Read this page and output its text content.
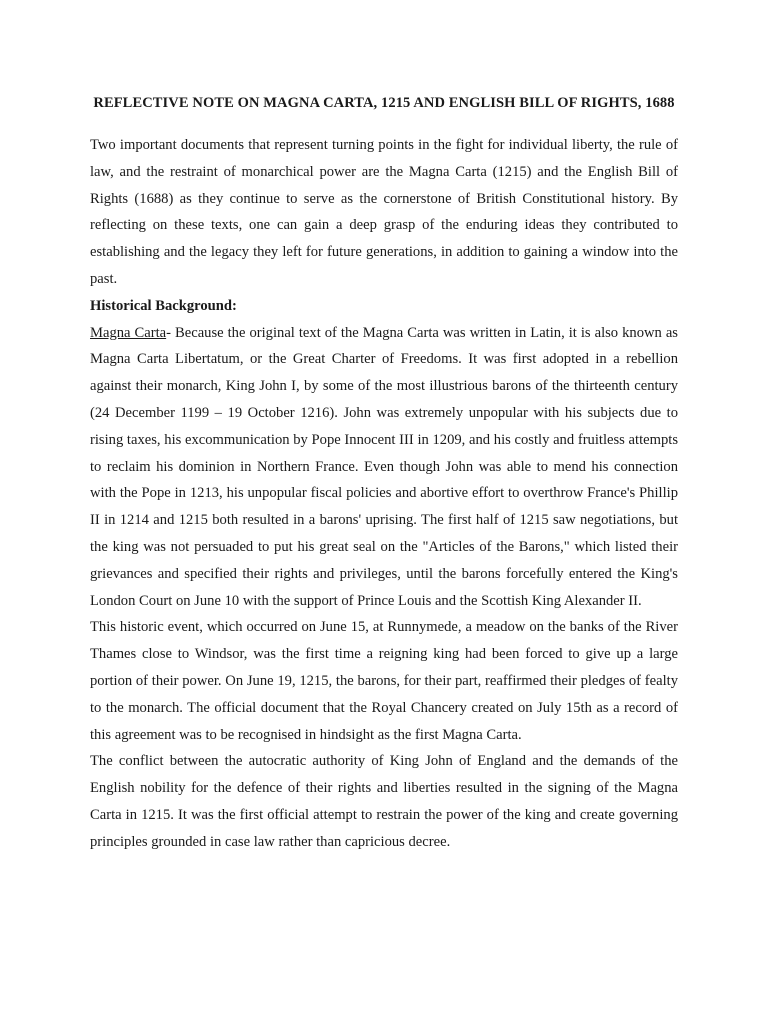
REFLECTIVE NOTE ON MAGNA CARTA, 1215 AND ENGLISH BILL OF RIGHTS, 1688

Two important documents that represent turning points in the fight for individual liberty, the rule of law, and the restraint of monarchical power are the Magna Carta (1215) and the English Bill of Rights (1688) as they continue to serve as the cornerstone of British Constitutional history. By reflecting on these texts, one can gain a deep grasp of the enduring ideas they contributed to establishing and the legacy they left for future generations, in addition to gaining a window into the past.

Historical Background:

Magna Carta- Because the original text of the Magna Carta was written in Latin, it is also known as Magna Carta Libertatum, or the Great Charter of Freedoms. It was first adopted in a rebellion against their monarch, King John I, by some of the most illustrious barons of the thirteenth century (24 December 1199 – 19 October 1216). John was extremely unpopular with his subjects due to rising taxes, his excommunication by Pope Innocent III in 1209, and his costly and fruitless attempts to reclaim his dominion in Northern France. Even though John was able to mend his connection with the Pope in 1213, his unpopular fiscal policies and abortive effort to overthrow France's Phillip II in 1214 and 1215 both resulted in a barons' uprising. The first half of 1215 saw negotiations, but the king was not persuaded to put his great seal on the "Articles of the Barons," which listed their grievances and specified their rights and privileges, until the barons forcefully entered the King's London Court on June 10 with the support of Prince Louis and the Scottish King Alexander II.

This historic event, which occurred on June 15, at Runnymede, a meadow on the banks of the River Thames close to Windsor, was the first time a reigning king had been forced to give up a large portion of their power. On June 19, 1215, the barons, for their part, reaffirmed their pledges of fealty to the monarch. The official document that the Royal Chancery created on July 15th as a record of this agreement was to be recognised in hindsight as the first Magna Carta.

The conflict between the autocratic authority of King John of England and the demands of the English nobility for the defence of their rights and liberties resulted in the signing of the Magna Carta in 1215. It was the first official attempt to restrain the power of the king and create governing principles grounded in case law rather than capricious decree.
